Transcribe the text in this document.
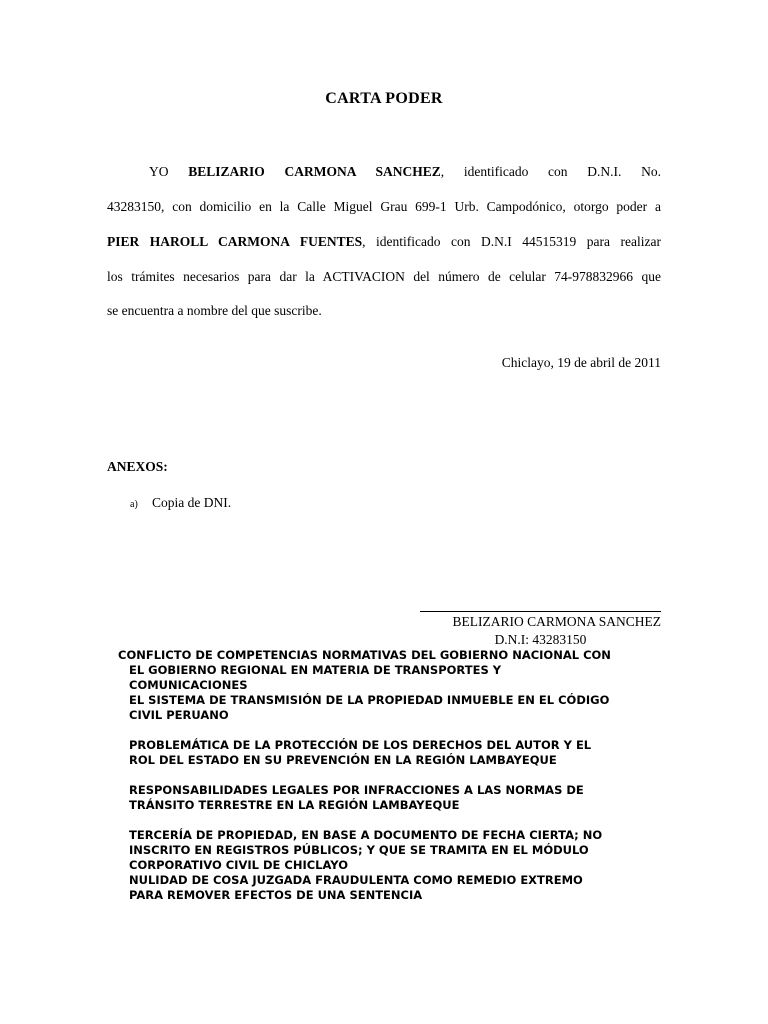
CARTA PODER
YO BELIZARIO CARMONA SANCHEZ, identificado con D.N.I. No.
43283150, con domicilio en la Calle Miguel Grau 699-1 Urb. Campodónico, otorgo poder a
PIER HAROLL CARMONA FUENTES, identificado con D.N.I 44515319 para realizar
los trámites necesarios para dar la ACTIVACION del número de celular 74-978832966 que
se encuentra a nombre del que suscribe.
Chiclayo, 19 de abril de 2011
ANEXOS:
a) Copia de DNI.
BELIZARIO CARMONA SANCHEZ
D.N.I: 43283150
CONFLICTO DE COMPETENCIAS NORMATIVAS DEL GOBIERNO NACIONAL CON
EL GOBIERNO REGIONAL EN MATERIA DE TRANSPORTES Y
COMUNICACIONES
EL SISTEMA DE TRANSMISIÓN DE LA PROPIEDAD INMUEBLE EN EL CÓDIGO
CIVIL PERUANO
PROBLEMÁTICA DE LA PROTECCIÓN DE LOS DERECHOS DEL AUTOR Y EL
ROL DEL ESTADO EN SU PREVENCIÓN EN LA REGIÓN LAMBAYEQUE
RESPONSABILIDADES LEGALES POR INFRACCIONES A LAS NORMAS DE
TRÁNSITO TERRESTRE EN LA REGIÓN LAMBAYEQUE
TERCERÍA DE PROPIEDAD, EN BASE A DOCUMENTO DE FECHA CIERTA; NO
INSCRITO EN REGISTROS PÚBLICOS; Y QUE SE TRAMITA EN EL MÓDULO
CORPORATIVO CIVIL DE CHICLAYO
NULIDAD DE COSA JUZGADA FRAUDULENTA COMO REMEDIO EXTREMO
PARA REMOVER EFECTOS DE UNA SENTENCIA
